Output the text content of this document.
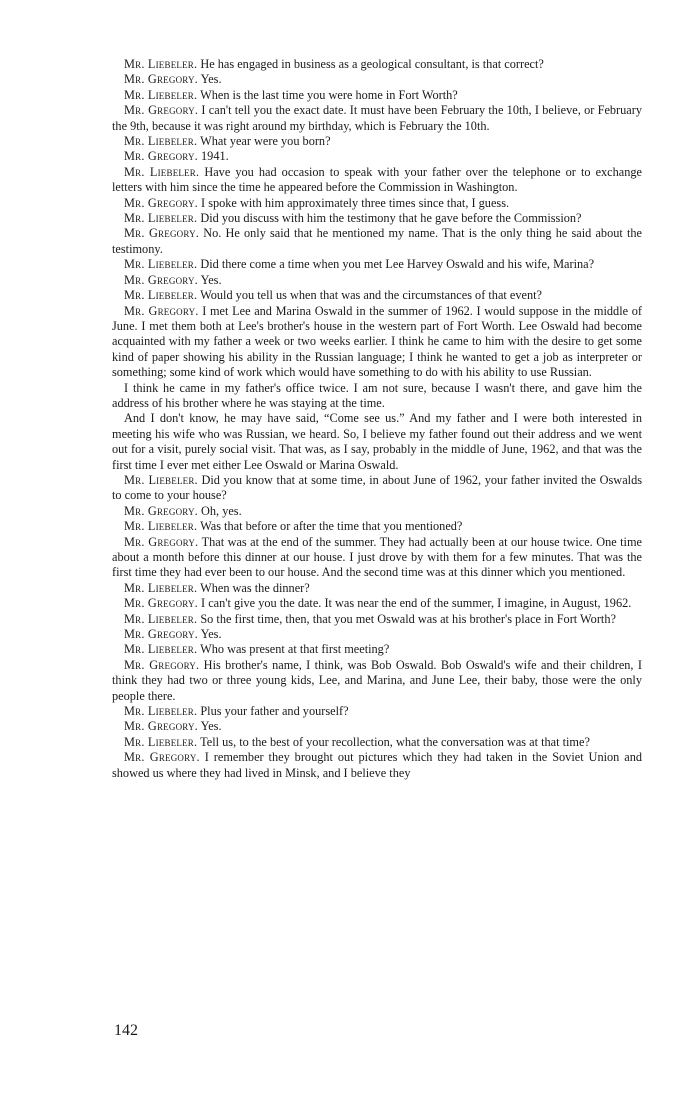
Mr. Liebeler. He has engaged in business as a geological consultant, is that correct?

Mr. Gregory. Yes.

Mr. Liebeler. When is the last time you were home in Fort Worth?

Mr. Gregory. I can't tell you the exact date. It must have been February the 10th, I believe, or February the 9th, because it was right around my birthday, which is February the 10th.

Mr. Liebeler. What year were you born?

Mr. Gregory. 1941.

Mr. Liebeler. Have you had occasion to speak with your father over the telephone or to exchange letters with him since the time he appeared before the Commission in Washington.

Mr. Gregory. I spoke with him approximately three times since that, I guess.

Mr. Liebeler. Did you discuss with him the testimony that he gave before the Commission?

Mr. Gregory. No. He only said that he mentioned my name. That is the only thing he said about the testimony.

Mr. Liebeler. Did there come a time when you met Lee Harvey Oswald and his wife, Marina?

Mr. Gregory. Yes.

Mr. Liebeler. Would you tell us when that was and the circumstances of that event?

Mr. Gregory. I met Lee and Marina Oswald in the summer of 1962. I would suppose in the middle of June. I met them both at Lee's brother's house in the western part of Fort Worth. Lee Oswald had become acquainted with my father a week or two weeks earlier. I think he came to him with the desire to get some kind of paper showing his ability in the Russian language; I think he wanted to get a job as interpreter or something; some kind of work which would have something to do with his ability to use Russian.

I think he came in my father's office twice. I am not sure, because I wasn't there, and gave him the address of his brother where he was staying at the time.

And I don't know, he may have said, “Come see us.” And my father and I were both interested in meeting his wife who was Russian, we heard. So, I believe my father found out their address and we went out for a visit, purely social visit. That was, as I say, probably in the middle of June, 1962, and that was the first time I ever met either Lee Oswald or Marina Oswald.

Mr. Liebeler. Did you know that at some time, in about June of 1962, your father invited the Oswalds to come to your house?

Mr. Gregory. Oh, yes.

Mr. Liebeler. Was that before or after the time that you mentioned?

Mr. Gregory. That was at the end of the summer. They had actually been at our house twice. One time about a month before this dinner at our house. I just drove by with them for a few minutes. That was the first time they had ever been to our house. And the second time was at this dinner which you mentioned.

Mr. Liebeler. When was the dinner?

Mr. Gregory. I can't give you the date. It was near the end of the summer, I imagine, in August, 1962.

Mr. Liebeler. So the first time, then, that you met Oswald was at his brother's place in Fort Worth?

Mr. Gregory. Yes.

Mr. Liebeler. Who was present at that first meeting?

Mr. Gregory. His brother's name, I think, was Bob Oswald. Bob Oswald's wife and their children, I think they had two or three young kids, Lee, and Marina, and June Lee, their baby, those were the only people there.

Mr. Liebeler. Plus your father and yourself?

Mr. Gregory. Yes.

Mr. Liebeler. Tell us, to the best of your recollection, what the conversation was at that time?

Mr. Gregory. I remember they brought out pictures which they had taken in the Soviet Union and showed us where they had lived in Minsk, and I believe they

142
